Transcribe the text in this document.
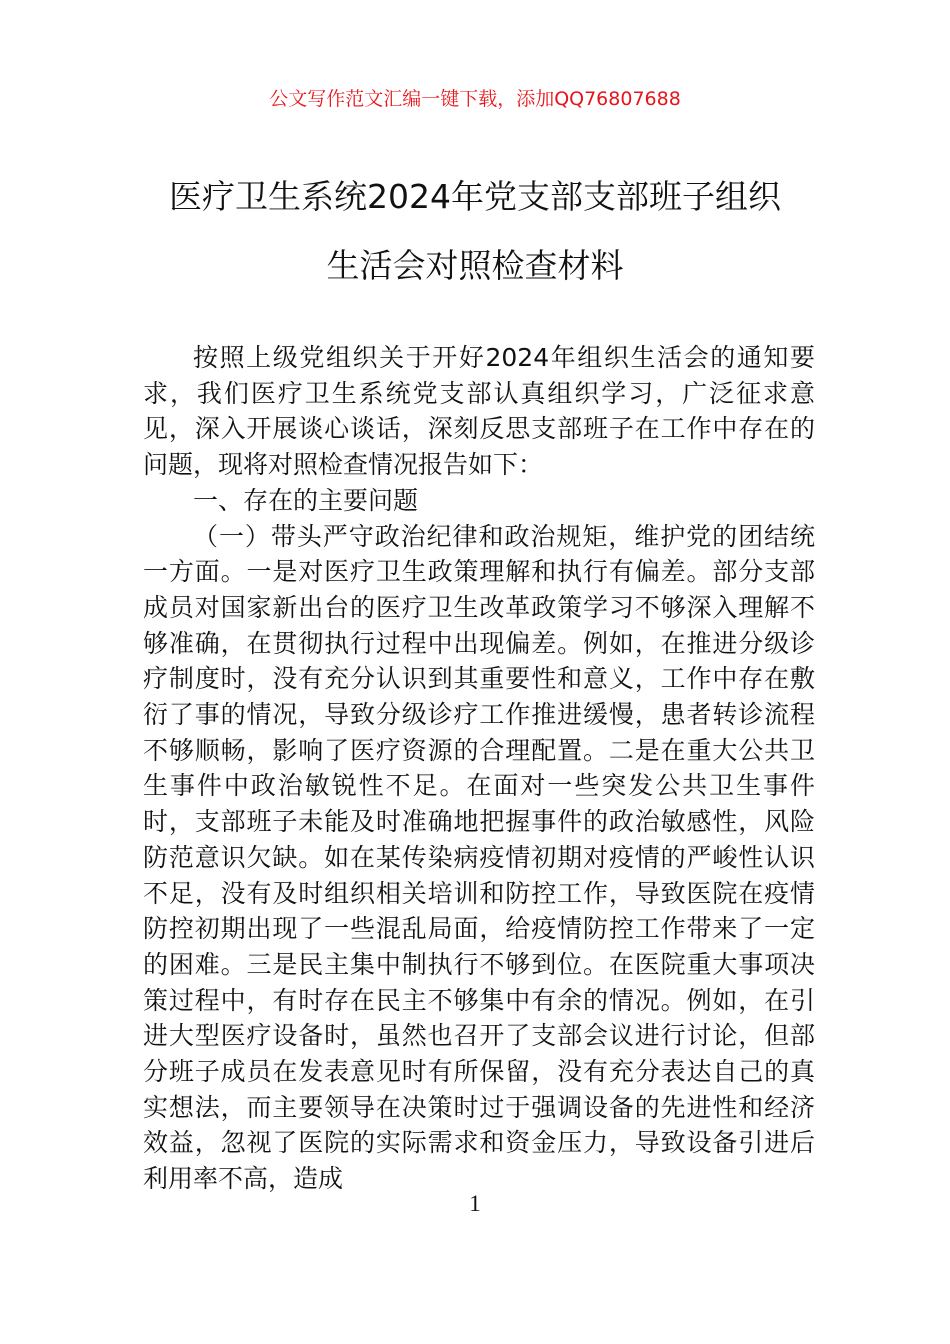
公文写作范文汇编一键下载，添加QQ76807688
医疗卫生系统2024年党支部支部班子组织
生活会对照检查材料

按照上级党组织关于开好2024年组织生活会的通知要求，我们医疗卫生系统党支部认真组织学习，广泛征求意见，深入开展谈心谈话，深刻反思支部班子在工作中存在的问题，现将对照检查情况报告如下：

一、存在的主要问题

（一）带头严守政治纪律和政治规矩，维护党的团结统一方面。一是对医疗卫生政策理解和执行有偏差。部分支部成员对国家新出台的医疗卫生改革政策学习不够深入理解不够准确，在贯彻执行过程中出现偏差。例如，在推进分级诊疗制度时，没有充分认识到其重要性和意义，工作中存在敷衍了事的情况，导致分级诊疗工作推进缓慢，患者转诊流程不够顺畅，影响了医疗资源的合理配置。二是在重大公共卫生事件中政治敏锐性不足。在面对一些突发公共卫生事件时，支部班子未能及时准确地把握事件的政治敏感性，风险防范意识欠缺。如在某传染病疫情初期对疫情的严峻性认识不足，没有及时组织相关培训和防控工作，导致医院在疫情防控初期出现了一些混乱局面，给疫情防控工作带来了一定的困难。三是民主集中制执行不够到位。在医院重大事项决策过程中，有时存在民主不够集中有余的情况。例如，在引进大型医疗设备时，虽然也召开了支部会议进行讨论，但部分班子成员在发表意见时有所保留，没有充分表达自己的真实想法，而主要领导在决策时过于强调设备的先进性和经济效益，忽视了医院的实际需求和资金压力，导致设备引进后利用率不高，造成

1
